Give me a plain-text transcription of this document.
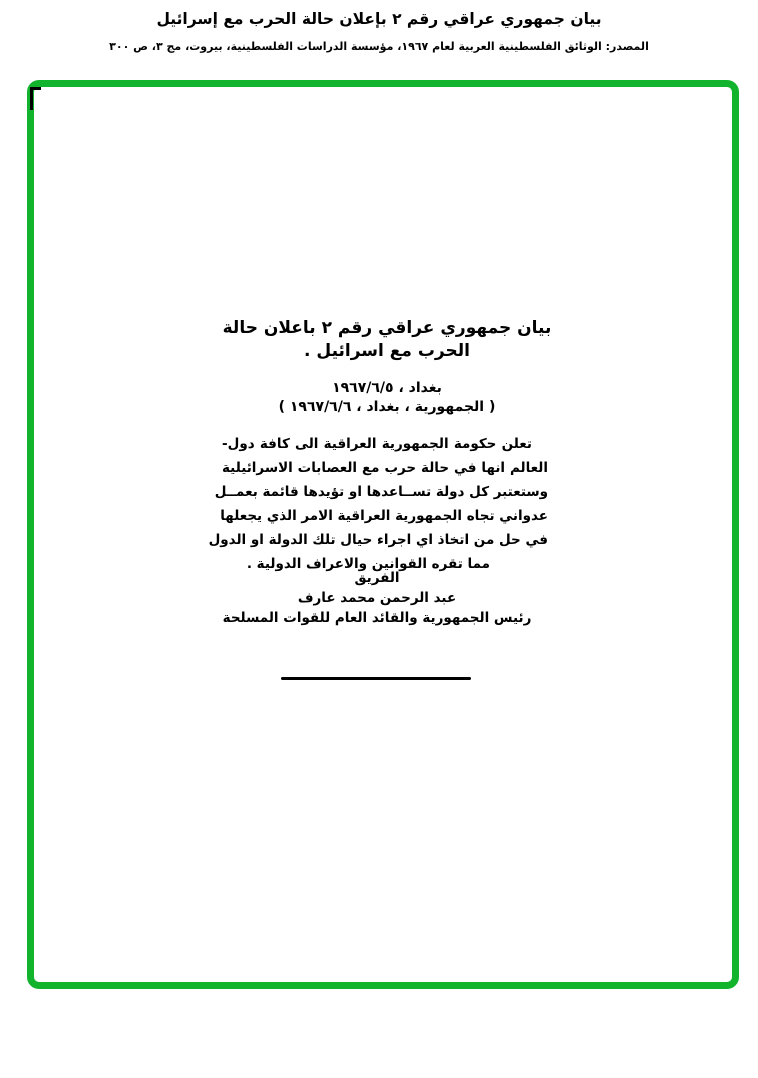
بيان جمهوري عراقي رقم ٢ بإعلان حالة الحرب مع إسرائيل
المصدر: الوثائق الفلسطينية العربية لعام ١٩٦٧، مؤسسة الدراسات الفلسطينية، بيروت، مج ٣، ص ٣٠٠
بيان جمهوري عراقي رقم ٢ باعلان حالة
الحرب مع اسرائيل .
بغداد ، ١٩٦٧/٦/٥
( الجمهورية ، بغداد ، ١٩٦٧/٦/٦ )
تعلن حكومة الجمهورية العراقية الى كافة دول-
العالم انها في حالة حرب مع العصابات الاسرائيلية
وستعتبر كل دولة تســاعدها او تؤيدها قائمة بعمــل
عدواني تجاه الجمهورية العراقية الامر الذي يجعلها
في حل من اتخاذ اي اجراء حيال تلك الدولة او الدول
مما تقره القوانين والاعراف الدولية .
الفريق
عبد الرحمن محمد عارف
رئيس الجمهورية والقائد العام للقوات المسلحة
